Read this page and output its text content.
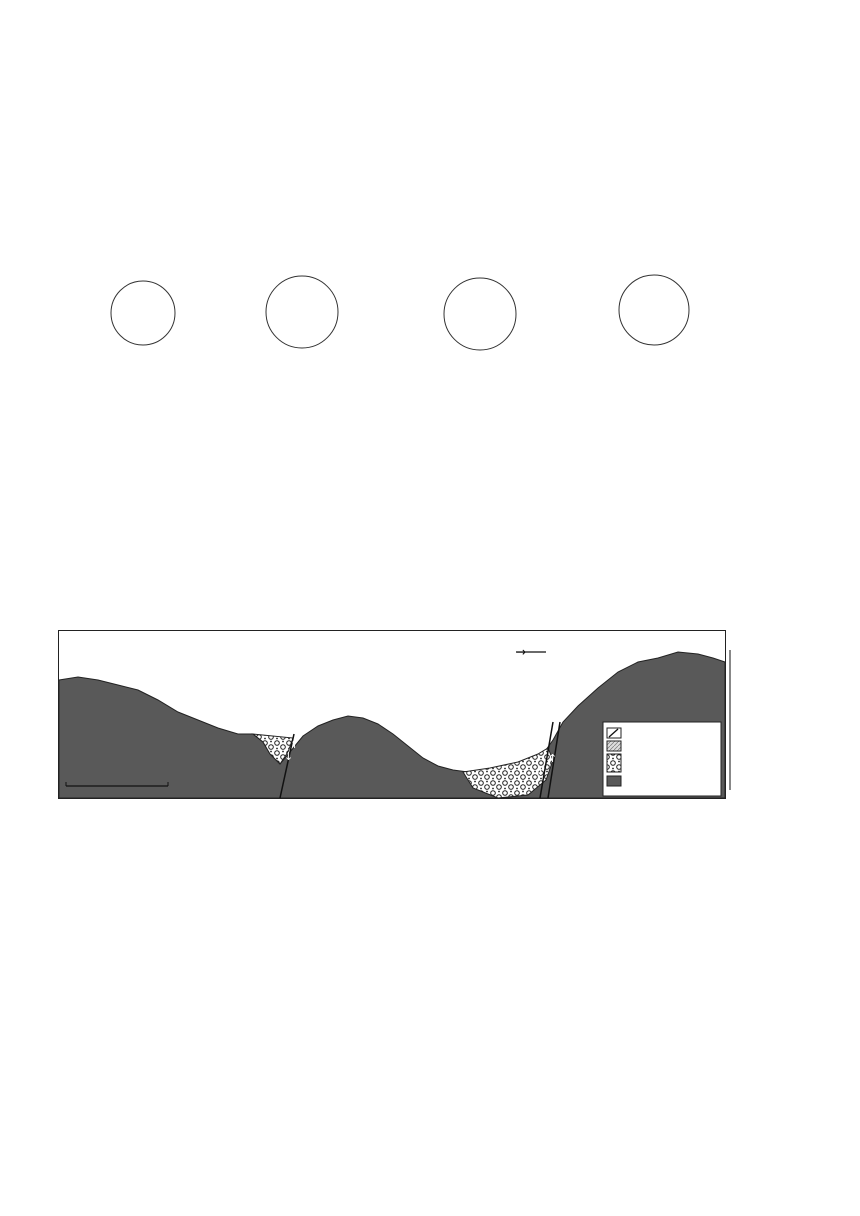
↓
↑
↓
↑
→
